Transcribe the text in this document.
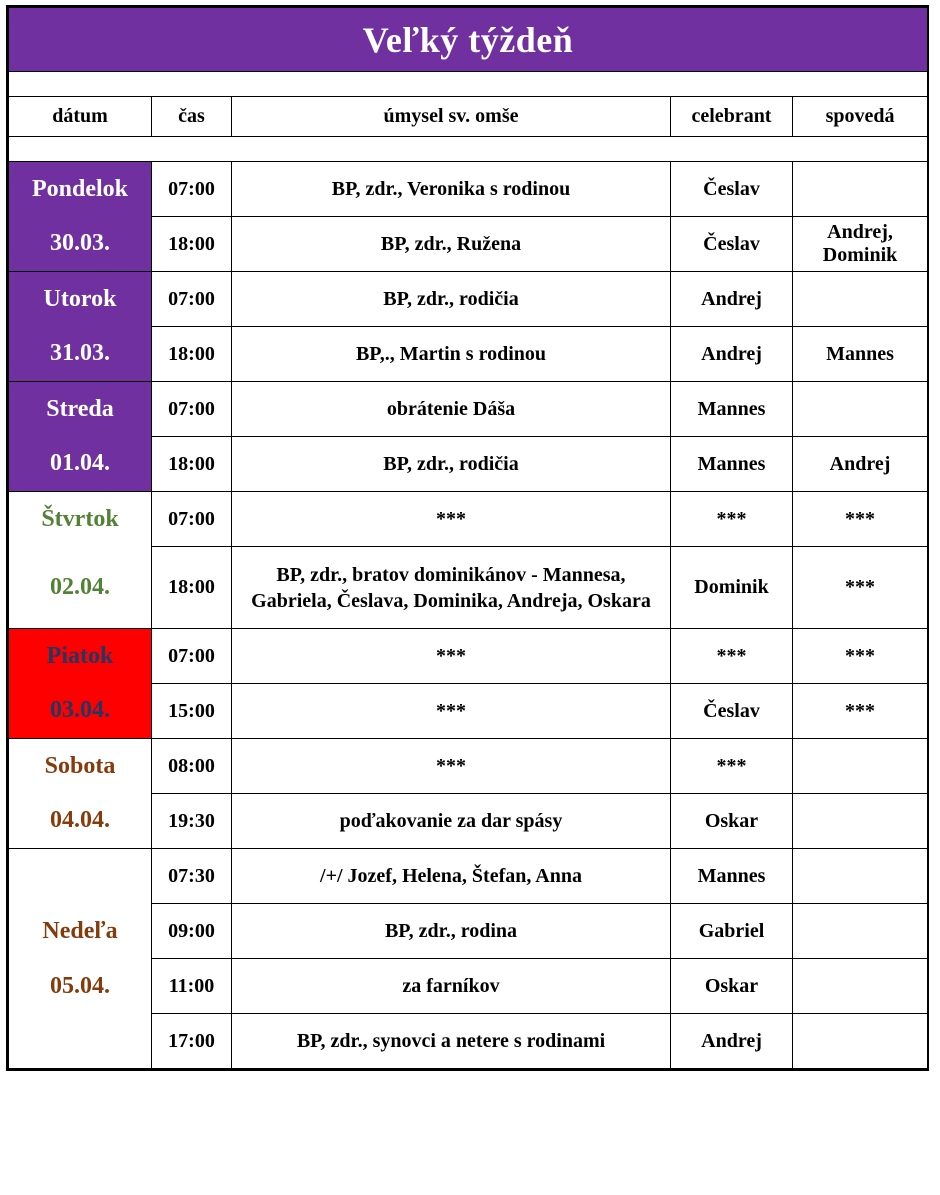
Veľký týždeň				

dátum	čas	úmysel sv. omše	celebrant	spovedá

Pondelok	07:00	BP, zdr., Veronika s rodinou	Česlav	
30.03.	18:00	BP, zdr., Ružena	Česlav	Andrej, Dominik
Utorok	07:00	BP, zdr., rodičia	Andrej	
31.03.	18:00	BP,., Martin s rodinou	Andrej	Mannes
Streda	07:00	obrátenie Dáša	Mannes	
01.04.	18:00	BP, zdr., rodičia	Mannes	Andrej
Štvrtok	07:00	***	***	***
02.04.	18:00	BP, zdr., bratov dominikánov - Mannesa, Gabriela, Česlava, Dominika, Andreja, Oskara	Dominik	***
Piatok	07:00	***	***	***
03.04.	15:00	***	Česlav	***
Sobota	08:00	***	***	
04.04.	19:30	poďakovanie za dar spásy	Oskar	
	07:30	/+/ Jozef, Helena, Štefan, Anna	Mannes	
Nedeľa	09:00	BP, zdr., rodina	Gabriel	
05.04.	11:00	za farníkov	Oskar	
	17:00	BP, zdr., synovci a netere s rodinami	Andrej	
